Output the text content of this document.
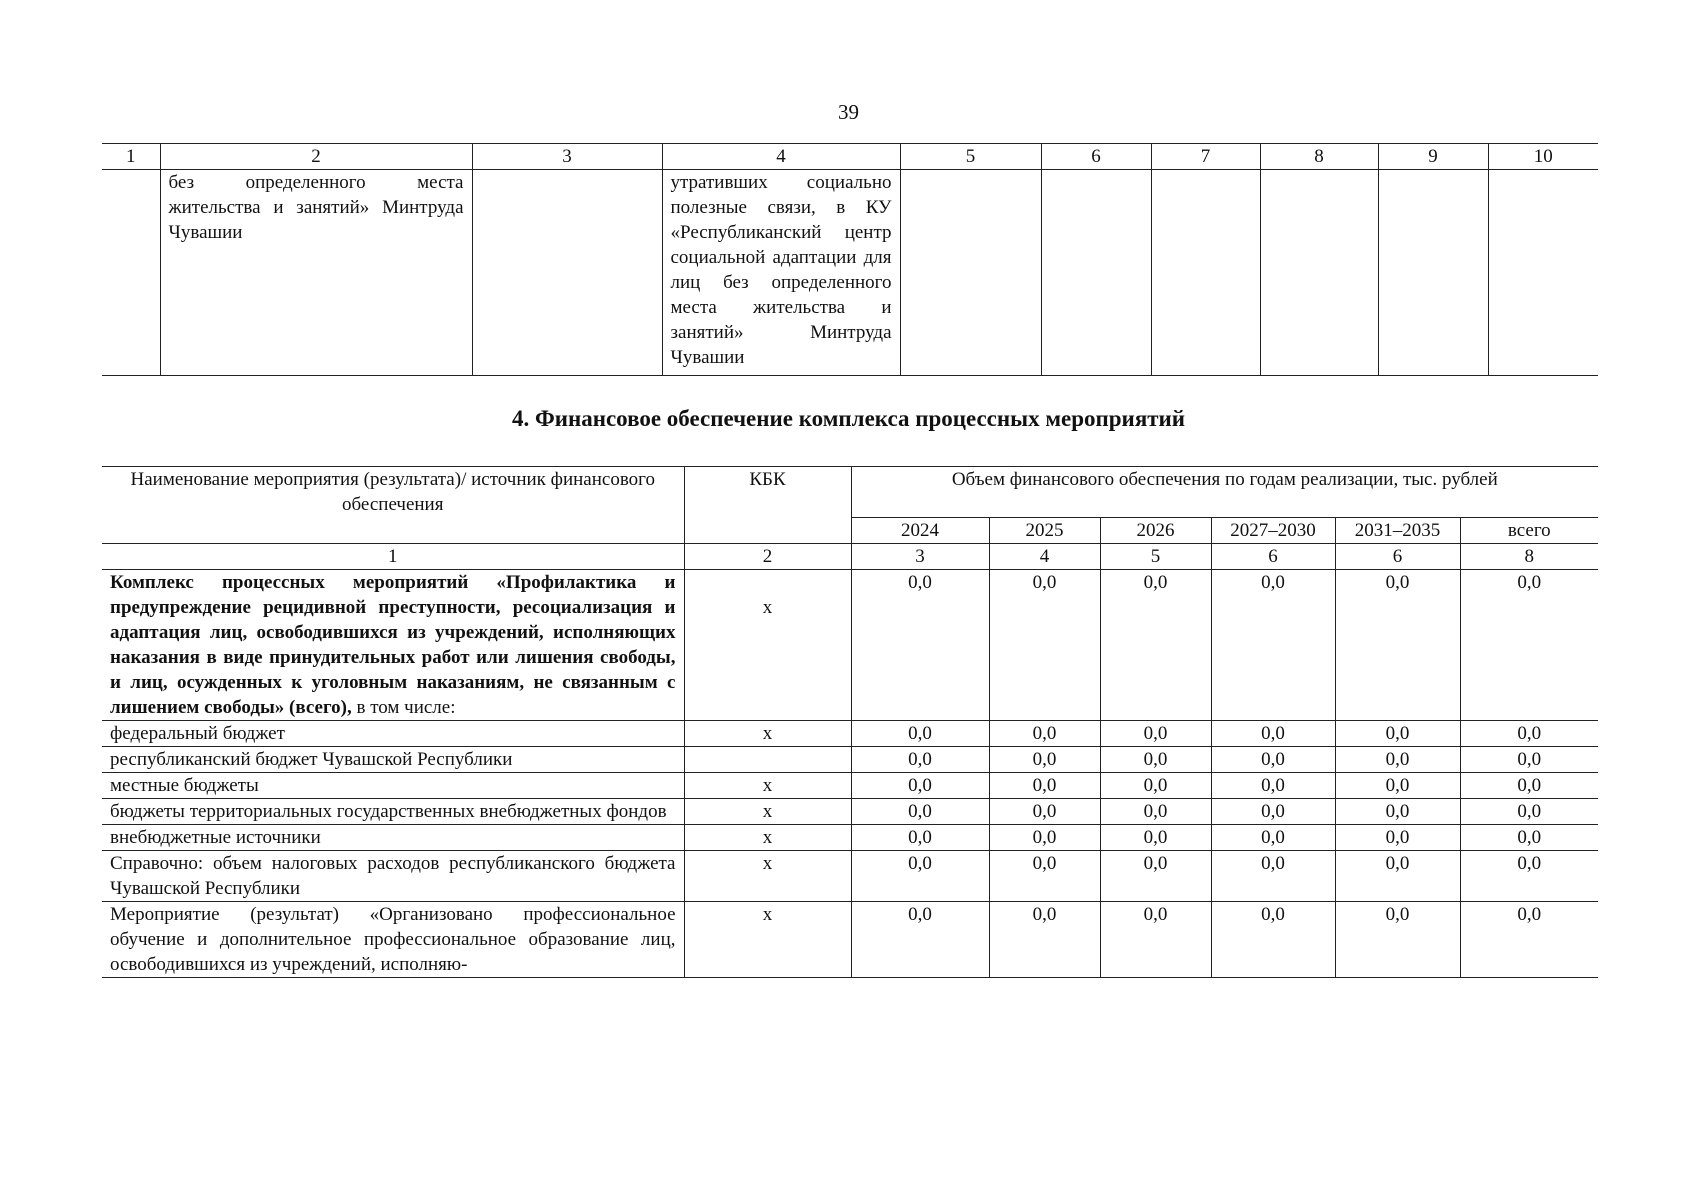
39
1	2	3	4	5	6	7	8	9	10
	без определенного места жительства и занятий» Минтруда Чувашии		утративших социально полезные связи, в КУ «Республиканский центр социальной адаптации для лиц без определенного места жительства и занятий» Минтруда Чувашии						
4. Финансовое обеспечение комплекса процессных мероприятий
Наименование мероприятия (результата)/ источник финансового обеспечения	КБК	Объем финансового обеспечения по годам реализации, тыс. рублей					
		2024	2025	2026	2027–2030	2031–2035	всего
1	2	3	4	5	6	6	8
Комплекс процессных мероприятий «Профилактика и предупреждение рецидивной преступности, ресоциализация и адаптация лиц, освободившихся из учреждений, исполняющих наказания в виде принудительных работ или лишения свободы, и лиц, осужденных к уголовным наказаниям, не связанным с лишением свободы» (всего), в том числе:	х	0,0	0,0	0,0	0,0	0,0	0,0
федеральный бюджет	х	0,0	0,0	0,0	0,0	0,0	0,0
республиканский бюджет Чувашской Республики		0,0	0,0	0,0	0,0	0,0	0,0
местные бюджеты	х	0,0	0,0	0,0	0,0	0,0	0,0
бюджеты территориальных государственных внебюджетных фондов	х	0,0	0,0	0,0	0,0	0,0	0,0
внебюджетные источники	х	0,0	0,0	0,0	0,0	0,0	0,0
Справочно: объем налоговых расходов республиканского бюджета Чувашской Республики	х	0,0	0,0	0,0	0,0	0,0	0,0
Мероприятие (результат) «Организовано профессиональное обучение и дополнительное профессиональное образование лиц, освободившихся из учреждений, исполняю-	х	0,0	0,0	0,0	0,0	0,0	0,0
